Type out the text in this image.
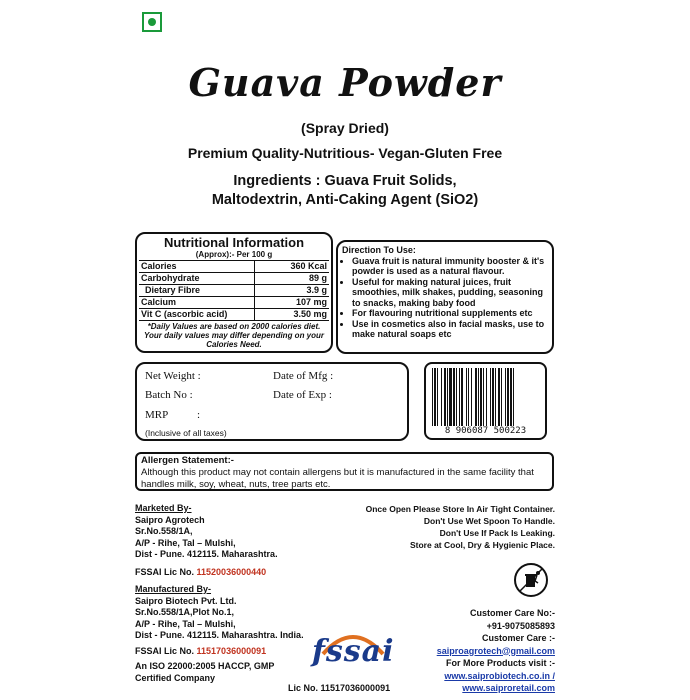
Guava Powder
(Spray Dried)
Premium Quality-Nutritious- Vegan-Gluten Free
Ingredients : Guava Fruit Solids,
Maltodextrin, Anti-Caking Agent (SiO2)
Nutritional Information
(Approx):- Per 100 g
Calories	360 Kcal
Carbohydrate	89 g
Dietary Fibre	3.9 g
Calcium	107 mg
Vit C (ascorbic acid)	3.50 mg
*Daily Values are based on 2000 calories diet. Your daily values may differ depending on your Calories Need.
Direction To Use:
• Guava fruit is natural immunity booster & it's powder is used as a natural flavour.
• Useful for making natural juices, fruit smoothies, milk shakes, pudding, seasoning to snacks, making baby food
• For flavouring nutritional supplements etc
• Use in cosmetics also in facial masks, use to make natural soaps etc
Net Weight :	Date of Mfg :
Batch No :	Date of Exp :
MRP	:
(Inclusive of all taxes)	8 906087 500223
Allergen Statement:-
Although this product may not contain allergens but it is manufactured in the same facility that handles milk, soy, wheat, nuts, tree parts etc.
Marketed By-
Saipro Agrotech
Sr.No.558/1A,
A/P - Rihe, Tal – Mulshi,
Dist - Pune. 412115. Maharashtra.
FSSAI Lic No. 11520036000440
Once Open Please Store In Air Tight Container.
Don't Use Wet Spoon To Handle.
Don't Use If Pack Is Leaking.
Store at Cool, Dry & Hygienic Place.
Manufactured By-
Saipro Biotech Pvt. Ltd.
Sr.No.558/1A,Plot No.1,
A/P - Rihe, Tal – Mulshi,
Dist - Pune. 412115. Maharashtra. India.
FSSAI Lic No. 11517036000091
An ISO 22000:2005 HACCP, GMP
Certified Company
fssai
Lic No. 11517036000091
Customer Care No:-
+91-9075085893
Customer Care :-
saiproagrotech@gmail.com
For More Products visit :-
www.saiprobiotech.co.in /
www.saiproretail.com
